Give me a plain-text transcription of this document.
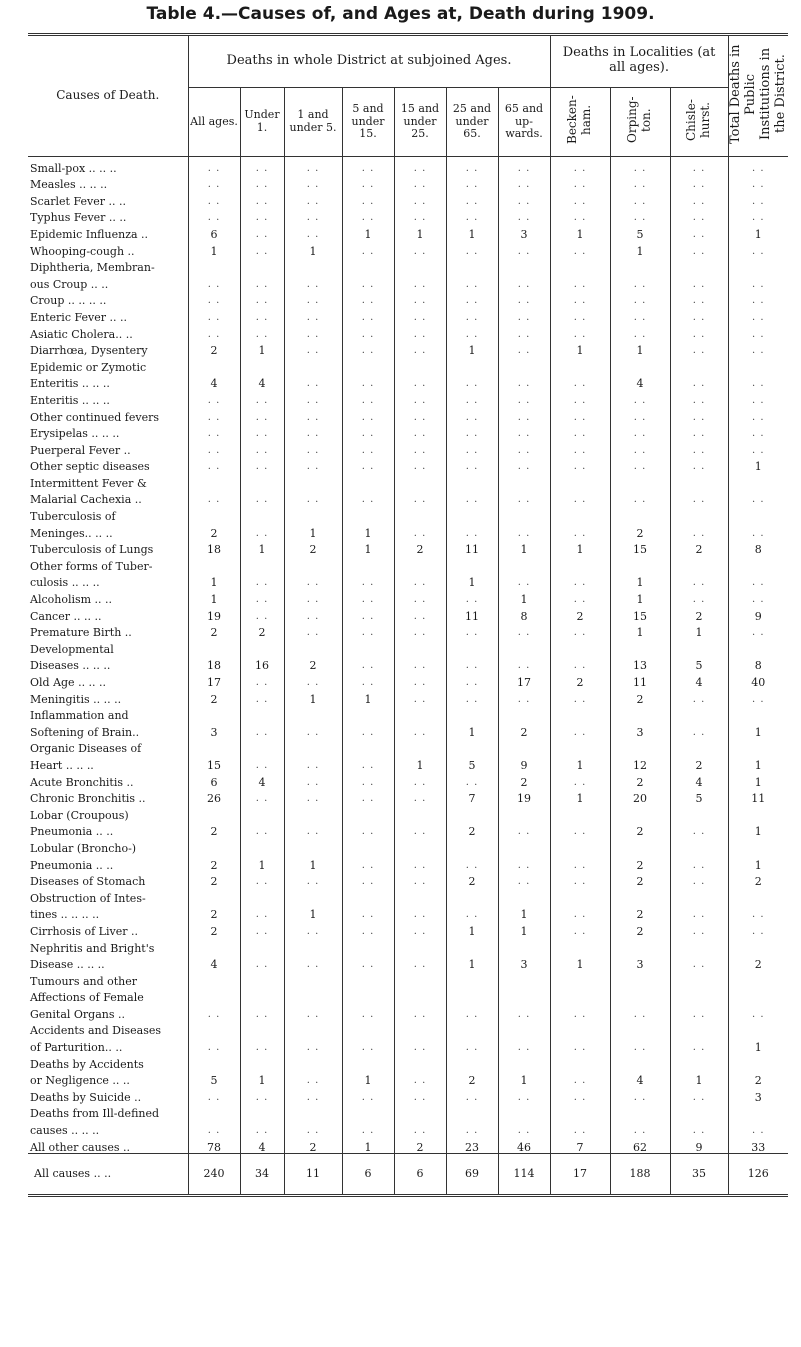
Table 4.—Causes of, and Ages at, Death during 1909.
Causes of Death.	Deaths in whole District at subjoined Ages.							Deaths in Localities (at all ages).			Total Deaths in Public Institutions in the District.
	All ages.	Under 1.	1 and under 5.	5 and under 15.	15 and under 25.	25 and under 65.	65 and up-wards.	Becken-ham.	Orping-ton.	Chisle-hurst.	
Small-pox .. .. ..	. .	. .	. .	. .	. .	. .	. .	. .	. .	. .	. .
Measles .. .. ..	. .	. .	. .	. .	. .	. .	. .	. .	. .	. .	. .
Scarlet Fever .. ..	. .	. .	. .	. .	. .	. .	. .	. .	. .	. .	. .
Typhus Fever .. ..	. .	. .	. .	. .	. .	. .	. .	. .	. .	. .	. .
Epidemic Influenza ..	6	. .	. .	1	1	1	3	1	5	. .	1
Whooping-cough ..	1	. .	1	. .	. .	. .	. .	. .	1	. .	. .
Diphtheria, Membran-											
ous Croup .. ..	. .	. .	. .	. .	. .	. .	. .	. .	. .	. .	. .
Croup .. .. .. ..	. .	. .	. .	. .	. .	. .	. .	. .	. .	. .	. .
Enteric Fever .. ..	. .	. .	. .	. .	. .	. .	. .	. .	. .	. .	. .
Asiatic Cholera.. ..	. .	. .	. .	. .	. .	. .	. .	. .	. .	. .	. .
Diarrhœa, Dysentery	2	1	. .	. .	. .	1	. .	1	1	. .	. .
Epidemic or Zymotic											
Enteritis .. .. ..	4	4	. .	. .	. .	. .	. .	. .	4	. .	. .
Enteritis .. .. ..	. .	. .	. .	. .	. .	. .	. .	. .	. .	. .	. .
Other continued fevers	. .	. .	. .	. .	. .	. .	. .	. .	. .	. .	. .
Erysipelas .. .. ..	. .	. .	. .	. .	. .	. .	. .	. .	. .	. .	. .
Puerperal Fever ..	. .	. .	. .	. .	. .	. .	. .	. .	. .	. .	. .
Other septic diseases	. .	. .	. .	. .	. .	. .	. .	. .	. .	. .	1
Intermittent Fever &											
Malarial Cachexia ..	. .	. .	. .	. .	. .	. .	. .	. .	. .	. .	. .
Tuberculosis of											
Meninges.. .. ..	2	. .	1	1	. .	. .	. .	. .	2	. .	. .
Tuberculosis of Lungs	18	1	2	1	2	11	1	1	15	2	8
Other forms of Tuber-											
culosis .. .. ..	1	. .	. .	. .	. .	1	. .	. .	1	. .	. .
Alcoholism .. ..	1	. .	. .	. .	. .	. .	1	. .	1	. .	. .
Cancer .. .. ..	19	. .	. .	. .	. .	11	8	2	15	2	9
Premature Birth ..	2	2	. .	. .	. .	. .	. .	. .	1	1	. .
Developmental											
Diseases .. .. ..	18	16	2	. .	. .	. .	. .	. .	13	5	8
Old Age .. .. ..	17	. .	. .	. .	. .	. .	17	2	11	4	40
Meningitis .. .. ..	2	. .	1	1	. .	. .	. .	. .	2	. .	. .
Inflammation and											
Softening of Brain..	3	. .	. .	. .	. .	1	2	. .	3	. .	1
Organic Diseases of											
Heart .. .. ..	15	. .	. .	. .	1	5	9	1	12	2	1
Acute Bronchitis ..	6	4	. .	. .	. .	. .	2	. .	2	4	1
Chronic Bronchitis ..	26	. .	. .	. .	. .	7	19	1	20	5	11
Lobar (Croupous)											
Pneumonia .. ..	2	. .	. .	. .	. .	2	. .	. .	2	. .	1
Lobular (Broncho-)											
Pneumonia .. ..	2	1	1	. .	. .	. .	. .	. .	2	. .	1
Diseases of Stomach	2	. .	. .	. .	. .	2	. .	. .	2	. .	2
Obstruction of Intes-											
tines .. .. .. ..	2	. .	1	. .	. .	. .	1	. .	2	. .	. .
Cirrhosis of Liver ..	2	. .	. .	. .	. .	1	1	. .	2	. .	. .
Nephritis and Bright's											
Disease .. .. ..	4	. .	. .	. .	. .	1	3	1	3	. .	2
Tumours and other											
Affections of Female											
Genital Organs ..	. .	. .	. .	. .	. .	. .	. .	. .	. .	. .	. .
Accidents and Diseases											
of Parturition.. ..	. .	. .	. .	. .	. .	. .	. .	. .	. .	. .	1
Deaths by Accidents											
or Negligence .. ..	5	1	. .	1	. .	2	1	. .	4	1	2
Deaths by Suicide ..	. .	. .	. .	. .	. .	. .	. .	. .	. .	. .	3
Deaths from Ill-defined											
causes .. .. ..	. .	. .	. .	. .	. .	. .	. .	. .	. .	. .	. .
All other causes ..	78	4	2	1	2	23	46	7	62	9	33
All causes .. ..	240	34	11	6	6	69	114	17	188	35	126
